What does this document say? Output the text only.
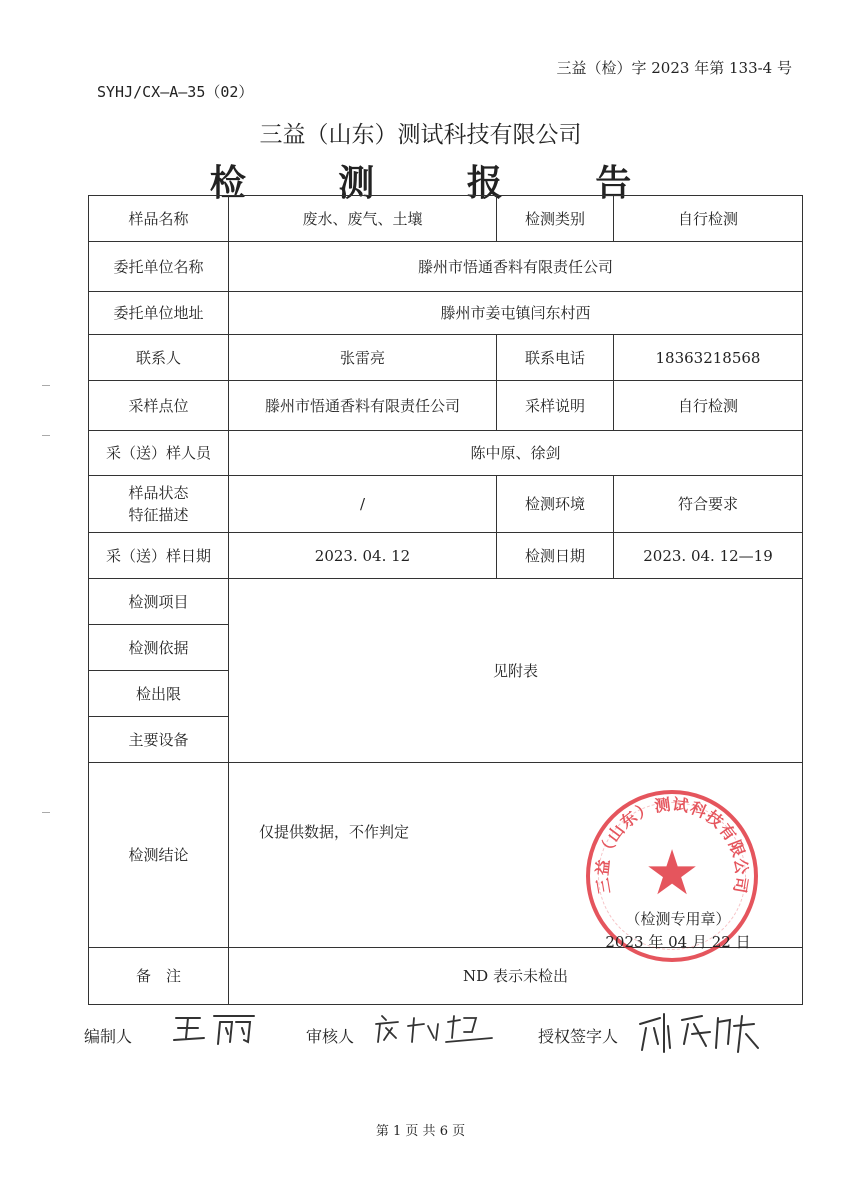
三益（检）字 2023 年第 133-4 号
SYHJ/CX—A—35（02）
三益（山东）测试科技有限公司
检 测 报 告
样品名称	废水、废气、土壤	检测类别	自行检测
委托单位名称	滕州市悟通香料有限责任公司		
委托单位地址	滕州市姜屯镇闫东村西		
联系人	张雷亮	联系电话	18363218568
采样点位	滕州市悟通香料有限责任公司	采样说明	自行检测
采（送）样人员	陈中原、徐剑		

样品状态
特征描述	/	检测环境	符合要求
采（送）样日期	2023. 04. 12	检测日期	2023. 04. 12—19
检测项目	见附表		
检测依据			
检出限			
主要设备			
检测结论	仅提供数据，不作判定		
备　注	ND 表示未检出		
三益（山东）测试科技有限公司
★
（检测专用章）
2023 年 04 月 22 日
编制人	审核人	授权签字人
第 1 页 共 6 页
